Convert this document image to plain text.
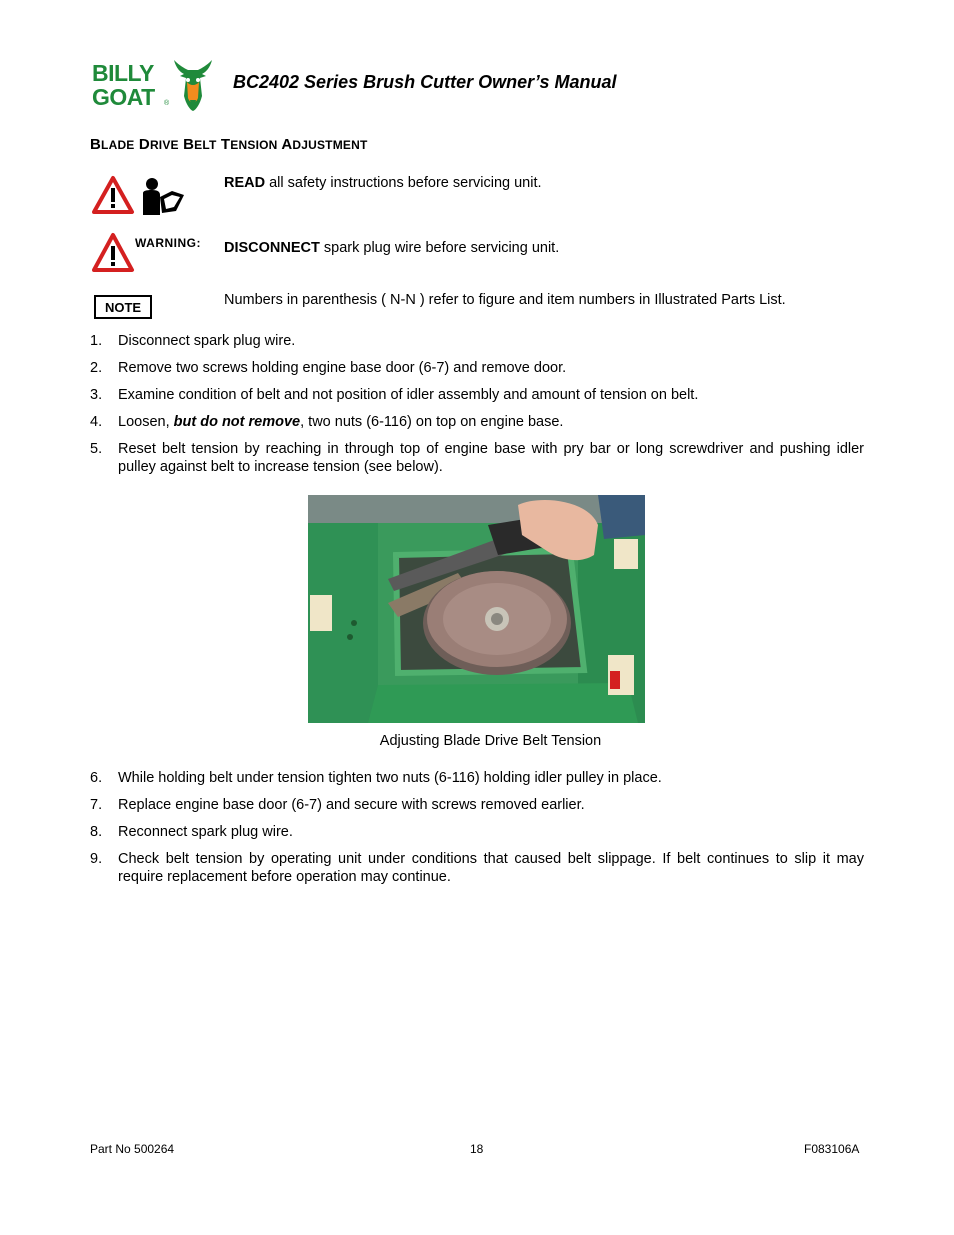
BILLY
GOAT ®
BC2402 Series Brush Cutter Owner’s Manual
BLADE DRIVE BELT TENSION ADJUSTMENT
READ all safety instructions before servicing unit.
WARNING: DISCONNECT spark plug wire before servicing unit.
NOTE	Numbers in parenthesis ( N-N ) refer to figure and item numbers in Illustrated Parts List.
1. Disconnect spark plug wire.
2. Remove two screws holding engine base door (6-7) and remove door.
3. Examine condition of belt and not position of idler assembly and amount of tension on belt.
4. Loosen, but do not remove, two nuts (6-116) on top on engine base.
5. Reset belt tension by reaching in through top of engine base with pry bar or long screwdriver and pushing idler pulley against belt to increase tension (see below).
Adjusting Blade Drive Belt Tension
6. While holding belt under tension tighten two nuts (6-116) holding idler pulley in place.
7. Replace engine base door (6-7) and secure with screws removed earlier.
8. Reconnect spark plug wire.
9. Check belt tension by operating unit under conditions that caused belt slippage. If belt continues to slip it may require replacement before operation may continue.
Part No 500264	18	F083106A
